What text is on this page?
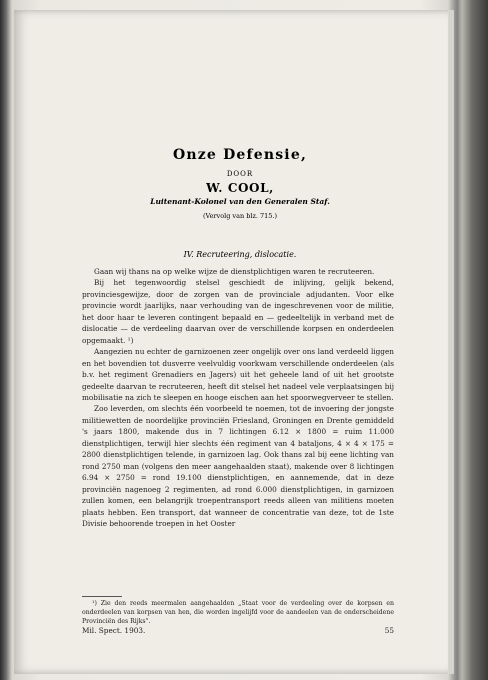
Onze Defensie,
DOOR
W. COOL,
Luitenant-Kolonel van den Generalen Staf.
(Vervolg van blz. 715.)
IV. Recruteering, dislocatie.

Gaan wij thans na op welke wijze de dienstplichtigen waren te recruteeren.

Bij het tegenwoordig stelsel geschiedt de inlijving, gelijk bekend, provinciesgewijze, door de zorgen van de provinciale adjudanten. Voor elke provincie wordt jaarlijks, naar verhouding van de ingeschrevenen voor de militie, het door haar te leveren contingent bepaald en — gedeeltelijk in verband met de dislocatie — de verdeeling daarvan over de verschillende korpsen en onderdeelen opgemaakt. ¹)

Aangezien nu echter de garnizoenen zeer ongelijk over ons land verdeeld liggen en het bovendien tot dusverre veelvuldig voorkwam verschillende onderdeelen (als b.v. het regiment Grenadiers en Jagers) uit het geheele land of uit het grootste gedeelte daarvan te recruteeren, heeft dit stelsel het nadeel vele verplaatsingen bij mobilisatie na zich te sleepen en hooge eischen aan het spoorwegverveer te stellen.

Zoo leverden, om slechts één voorbeeld te noemen, tot de invoering der jongste militiewetten de noordelijke provinciën Friesland, Groningen en Drente gemiddeld 's jaars 1800, makende dus in 7 lichtingen 6.12 × 1800 = ruim 11.000 dienstplichtigen, terwijl hier slechts één regiment van 4 bataljons, 4 × 4 × 175 = 2800 dienstplichtigen telende, in garnizoen lag. Ook thans zal bij eene lichting van rond 2750 man (volgens den meer aangehaalden staat), makende over 8 lichtingen 6.94 × 2750 = rond 19.100 dienstplichtigen, en aannemende, dat in deze provinciën nagenoeg 2 regimenten, ad rond 6.000 dienstplichtigen, in garnizoen zullen komen, een belangrijk troepentransport reeds alleen van militiens moeten plaats hebben. Een transport, dat wanneer de concentratie van deze, tot de 1ste Divisie behoorende troepen in het Ooster

¹) Zie den reeds meermalen aangehaalden „Staat voor de verdeeling over de korpsen en onderdeelen van korpsen van hen, die worden ingelijfd voor de aandeelen van de onderscheidene Provinciën des Rijks".

Mil. Spect. 1903.	55
